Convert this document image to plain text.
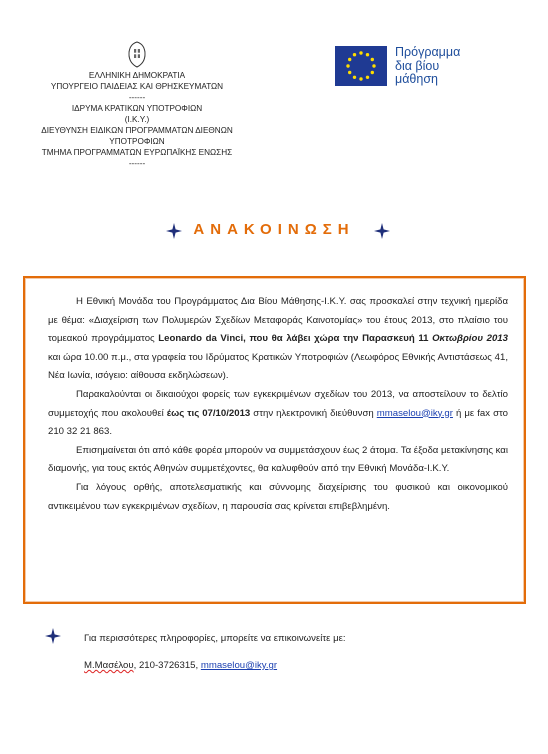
ΕΛΛΗΝΙΚΗ ΔΗΜΟΚΡΑΤΙΑ
ΥΠΟΥΡΓΕΙΟ ΠΑΙΔΕΙΑΣ ΚΑΙ ΘΡΗΣΚΕΥΜΑΤΩΝ
------
ΙΔΡΥΜΑ ΚΡΑΤΙΚΩΝ ΥΠΟΤΡΟΦΙΩΝ
(Ι.Κ.Υ.)
ΔΙΕΥΘΥΝΣΗ ΕΙΔΙΚΩΝ ΠΡΟΓΡΑΜΜΑΤΩΝ ΔΙΕΘΝΩΝ
ΥΠΟΤΡΟΦΙΩΝ
ΤΜΗΜΑ ΠΡΟΓΡΑΜΜΑΤΩΝ ΕΥΡΩΠΑΪΚΗΣ ΕΝΩΣΗΣ
------
Πρόγραμμα
δια βίου
μάθηση
ΑΝΑΚΟΙΝΩΣΗ

Η Εθνική Μονάδα του Προγράμματος Δια Βίου Μάθησης-Ι.Κ.Υ. σας προσκαλεί στην τεχνική ημερίδα με θέμα: «Διαχείριση των Πολυμερών Σχεδίων Μεταφοράς Καινοτομίας» του έτους 2013, στο πλαίσιο του τομεακού προγράμματος Leonardo da Vinci, που θα λάβει χώρα την Παρασκευή 11 Οκτωβρίου 2013 και ώρα 10.00 π.μ., στα γραφεία του Ιδρύματος Κρατικών Υποτροφιών (Λεωφόρος Εθνικής Αντιστάσεως 41, Νέα Ιωνία, ισόγειο: αίθουσα εκδηλώσεων).

Παρακαλούνται οι δικαιούχοι φορείς των εγκεκριμένων σχεδίων του 2013, να αποστείλουν το δελτίο συμμετοχής που ακολουθεί έως τις 07/10/2013 στην ηλεκτρονική διεύθυνση mmaselou@iky.gr ή με fax στο 210 32 21 863.

Επισημαίνεται ότι από κάθε φορέα μπορούν να συμμετάσχουν έως 2 άτομα. Τα έξοδα μετακίνησης και διαμονής, για τους εκτός Αθηνών συμμετέχοντες, θα καλυφθούν από την Εθνική Μονάδα-Ι.Κ.Υ.

Για λόγους ορθής, αποτελεσματικής και σύννομης διαχείρισης του φυσικού και οικονομικού αντικειμένου των εγκεκριμένων σχεδίων, η παρουσία σας κρίνεται επιβεβλημένη.

Για περισσότερες πληροφορίες, μπορείτε να επικοινωνείτε με:
Μ.Μασέλου, 210-3726315, mmaselou@iky.gr
